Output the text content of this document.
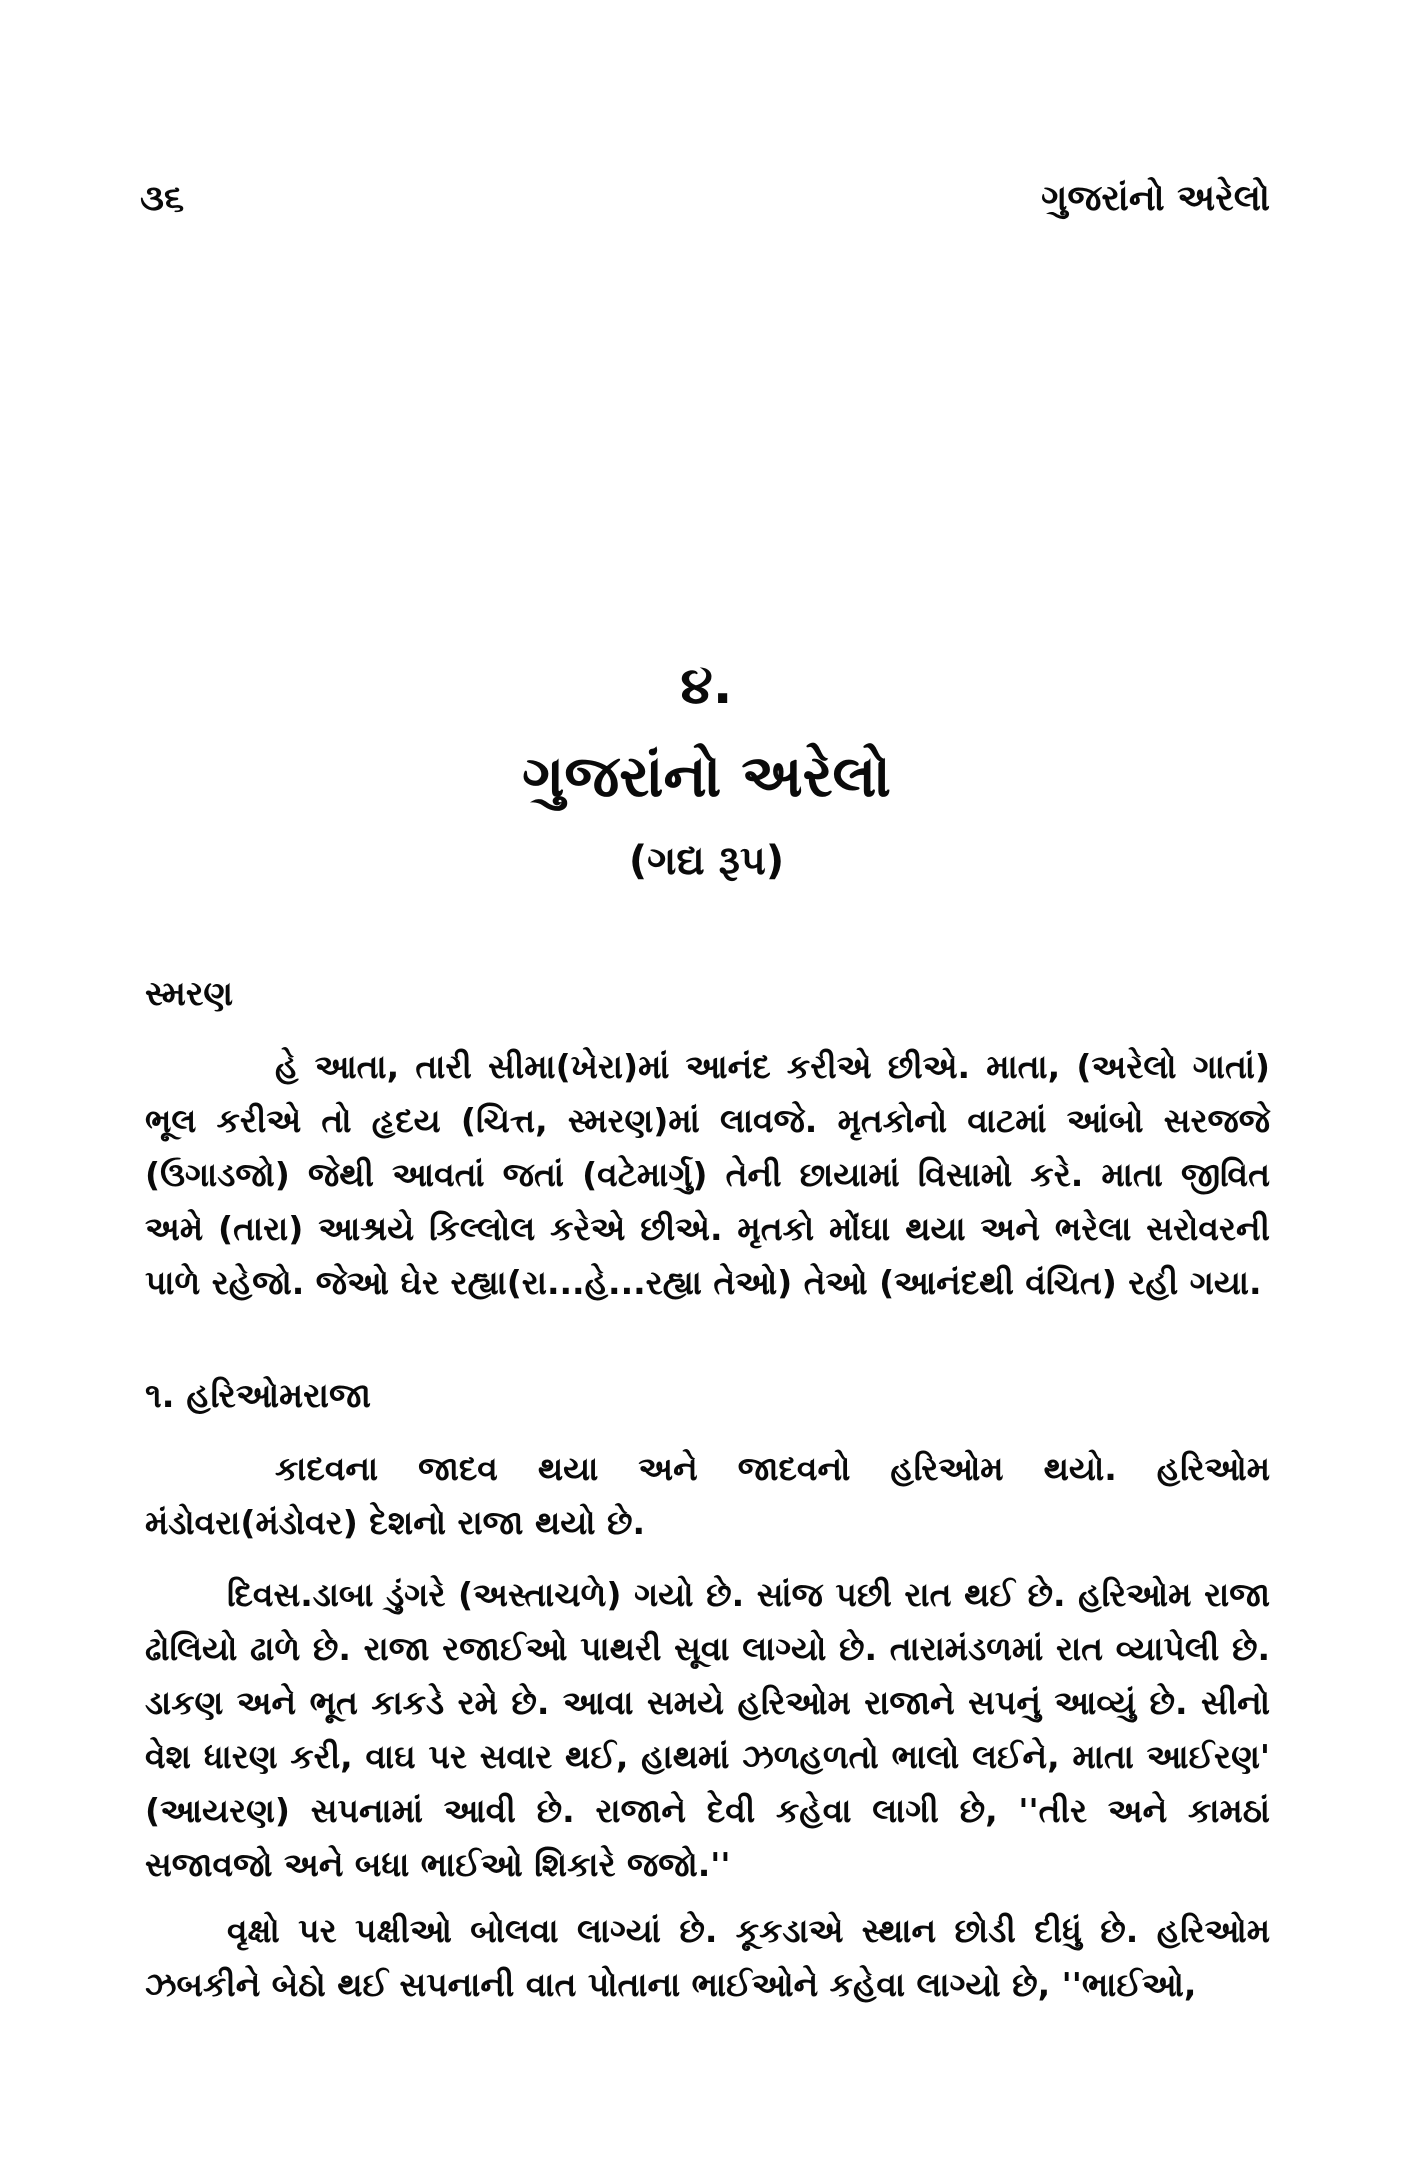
૩૬	ગુજરાંનો અરેલો
૪.
ગુજરાંનો અરેલો
(ગદ્ય રૂપ)
સ્મરણ

હે આતા, તારી સીમા(ખેરા)માં આનંદ કરીએ છીએ. માતા, (અરેલો ગાતાં) ભૂલ કરીએ તો હૃદય (ચિત્ત, સ્મરણ)માં લાવજે. મૃતકોનો વાટમાં આંબો સરજજે (ઉગાડજો) જેથી આવતાં જતાં (વટેમાર્ગુ) તેની છાયામાં વિસામો કરે. માતા જીવિત અમે (તારા) આશ્રયે કિલ્લોલ કરેએ છીએ. મૃતકો મોંઘા થયા અને ભરેલા સરોવરની પાળે રહેજો. જેઓ ઘેર રહ્યા(રા...હે...રહ્યા તેઓ) તેઓ (આનંદથી વંચિત) રહી ગયા.

૧. હરિઓમરાજા

કાદવના જાદવ થયા અને જાદવનો હરિઓમ થયો. હરિઓમ મંડોવરા(મંડોવર) દેશનો રાજા થયો છે.

દિવસ.ડાબા ડુંગરે (અસ્તાચળે) ગયો છે. સાંજ પછી રાત થઈ છે. હરિઓમ રાજા ઢોલિયો ઢાળે છે. રાજા રજાઈઓ પાથરી સૂવા લાગ્યો છે. તારામંડળમાં રાત વ્યાપેલી છે. ડાકણ અને ભૂત કાકડે રમે છે. આવા સમયે હરિઓમ રાજાને સપનું આવ્યું છે. સીનો વેશ ધારણ કરી, વાઘ પર સવાર થઈ, હાથમાં ઝળહળતો ભાલો લઈને, માતા આઈરણ' (આયરણ) સપનામાં આવી છે. રાજાને દેવી કહેવા લાગી છે, ''તીર અને કામઠાં સજાવજો અને બધા ભાઈઓ શિકારે જજો.''

વૃક્ષો પર પક્ષીઓ બોલવા લાગ્યાં છે. કૂકડાએ સ્થાન છોડી દીધું છે. હરિઓમ ઝબકીને બેઠો થઈ સપનાની વાત પોતાના ભાઈઓને કહેવા લાગ્યો છે, ''ભાઈઓ,
